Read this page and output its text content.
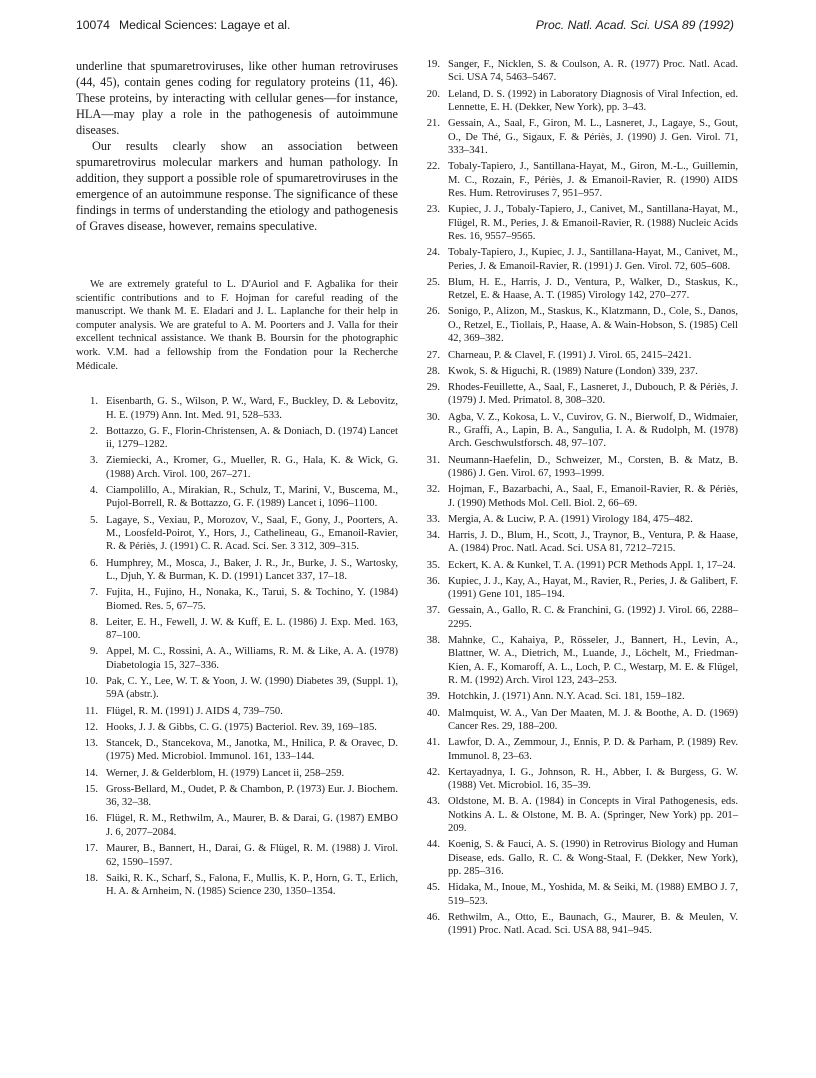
10074 Medical Sciences: Lagaye et al.	Proc. Natl. Acad. Sci. USA 89 (1992)

underline that spumaretroviruses, like other human retroviruses (44, 45), contain genes coding for regulatory proteins (11, 46). These proteins, by interacting with cellular genes—for instance, HLA—may play a role in the pathogenesis of autoimmune diseases.

Our results clearly show an association between spumaretrovirus molecular markers and human pathology. In addition, they support a possible role of spumaretroviruses in the emergence of an autoimmune response. The significance of these findings in terms of understanding the etiology and pathogenesis of Graves disease, however, remains speculative.

We are extremely grateful to L. D'Auriol and F. Agbalika for their scientific contributions and to F. Hojman for careful reading of the manuscript. We thank M. E. Eladari and J. L. Laplanche for their help in computer analysis. We are grateful to A. M. Poorters and J. Valla for their excellent technical assistance. We thank B. Boursin for the photographic work. V.M. had a fellowship from the Fondation pour la Recherche Médicale.

1. Eisenbarth, G. S., Wilson, P. W., Ward, F., Buckley, D. & Lebovitz, H. E. (1979) Ann. Int. Med. 91, 528–533.
2. Bottazzo, G. F., Florin-Christensen, A. & Doniach, D. (1974) Lancet ii, 1279–1282.
3. Ziemiecki, A., Kromer, G., Mueller, R. G., Hala, K. & Wick, G. (1988) Arch. Virol. 100, 267–271.
4. Ciampolillo, A., Mirakian, R., Schulz, T., Marini, V., Buscema, M., Pujol-Borrell, R. & Bottazzo, G. F. (1989) Lancet i, 1096–1100.
5. Lagaye, S., Vexiau, P., Morozov, V., Saal, F., Gony, J., Poorters, A. M., Loosfeld-Poirot, Y., Hors, J., Cathelineau, G., Emanoil-Ravier, R. & Périès, J. (1991) C. R. Acad. Sci. Ser. 3 312, 309–315.
6. Humphrey, M., Mosca, J., Baker, J. R., Jr., Burke, J. S., Wartosky, L., Djuh, Y. & Burman, K. D. (1991) Lancet 337, 17–18.
7. Fujita, H., Fujino, H., Nonaka, K., Tarui, S. & Tochino, Y. (1984) Biomed. Res. 5, 67–75.
8. Leiter, E. H., Fewell, J. W. & Kuff, E. L. (1986) J. Exp. Med. 163, 87–100.
9. Appel, M. C., Rossini, A. A., Williams, R. M. & Like, A. A. (1978) Diabetologia 15, 327–336.
10. Pak, C. Y., Lee, W. T. & Yoon, J. W. (1990) Diabetes 39, (Suppl. 1), 59A (abstr.).
11. Flügel, R. M. (1991) J. AIDS 4, 739–750.
12. Hooks, J. J. & Gibbs, C. G. (1975) Bacteriol. Rev. 39, 169–185.
13. Stancek, D., Stancekova, M., Janotka, M., Hnilica, P. & Oravec, D. (1975) Med. Microbiol. Immunol. 161, 133–144.
14. Werner, J. & Gelderblom, H. (1979) Lancet ii, 258–259.
15. Gross-Bellard, M., Oudet, P. & Chambon, P. (1973) Eur. J. Biochem. 36, 32–38.
16. Flügel, R. M., Rethwilm, A., Maurer, B. & Darai, G. (1987) EMBO J. 6, 2077–2084.
17. Maurer, B., Bannert, H., Darai, G. & Flügel, R. M. (1988) J. Virol. 62, 1590–1597.
18. Saiki, R. K., Scharf, S., Falona, F., Mullis, K. P., Horn, G. T., Erlich, H. A. & Arnheim, N. (1985) Science 230, 1350–1354.
19. Sanger, F., Nicklen, S. & Coulson, A. R. (1977) Proc. Natl. Acad. Sci. USA 74, 5463–5467.
20. Leland, D. S. (1992) in Laboratory Diagnosis of Viral Infection, ed. Lennette, E. H. (Dekker, New York), pp. 3–43.
21. Gessain, A., Saal, F., Giron, M. L., Lasneret, J., Lagaye, S., Gout, O., De Thé, G., Sigaux, F. & Périès, J. (1990) J. Gen. Virol. 71, 333–341.
22. Tobaly-Tapiero, J., Santillana-Hayat, M., Giron, M.-L., Guillemin, M. C., Rozain, F., Périès, J. & Emanoil-Ravier, R. (1990) AIDS Res. Hum. Retroviruses 7, 951–957.
23. Kupiec, J. J., Tobaly-Tapiero, J., Canivet, M., Santillana-Hayat, M., Flügel, R. M., Peries, J. & Emanoil-Ravier, R. (1988) Nucleic Acids Res. 16, 9557–9565.
24. Tobaly-Tapiero, J., Kupiec, J. J., Santillana-Hayat, M., Canivet, M., Peries, J. & Emanoil-Ravier, R. (1991) J. Gen. Virol. 72, 605–608.
25. Blum, H. E., Harris, J. D., Ventura, P., Walker, D., Staskus, K., Retzel, E. & Haase, A. T. (1985) Virology 142, 270–277.
26. Sonigo, P., Alizon, M., Staskus, K., Klatzmann, D., Cole, S., Danos, O., Retzel, E., Tiollais, P., Haase, A. & Wain-Hobson, S. (1985) Cell 42, 369–382.
27. Charneau, P. & Clavel, F. (1991) J. Virol. 65, 2415–2421.
28. Kwok, S. & Higuchi, R. (1989) Nature (London) 339, 237.
29. Rhodes-Feuillette, A., Saal, F., Lasneret, J., Dubouch, P. & Périès, J. (1979) J. Med. Primatol. 8, 308–320.
30. Agba, V. Z., Kokosa, L. V., Cuvirov, G. N., Bierwolf, D., Widmaier, R., Graffi, A., Lapin, B. A., Sangulia, I. A. & Rudolph, M. (1978) Arch. Geschwulstforsch. 48, 97–107.
31. Neumann-Haefelin, D., Schweizer, M., Corsten, B. & Matz, B. (1986) J. Gen. Virol. 67, 1993–1999.
32. Hojman, F., Bazarbachi, A., Saal, F., Emanoil-Ravier, R. & Périès, J. (1990) Methods Mol. Cell. Biol. 2, 66–69.
33. Mergia, A. & Luciw, P. A. (1991) Virology 184, 475–482.
34. Harris, J. D., Blum, H., Scott, J., Traynor, B., Ventura, P. & Haase, A. (1984) Proc. Natl. Acad. Sci. USA 81, 7212–7215.
35. Eckert, K. A. & Kunkel, T. A. (1991) PCR Methods Appl. 1, 17–24.
36. Kupiec, J. J., Kay, A., Hayat, M., Ravier, R., Peries, J. & Galibert, F. (1991) Gene 101, 185–194.
37. Gessain, A., Gallo, R. C. & Franchini, G. (1992) J. Virol. 66, 2288–2295.
38. Mahnke, C., Kahaiya, P., Rösseler, J., Bannert, H., Levin, A., Blattner, W. A., Dietrich, M., Luande, J., Löchelt, M., Friedman-Kien, A. F., Komaroff, A. L., Loch, P. C., Westarp, M. E. & Flügel, R. M. (1992) Arch. Virol 123, 243–253.
39. Hotchkin, J. (1971) Ann. N.Y. Acad. Sci. 181, 159–182.
40. Malmquist, W. A., Van Der Maaten, M. J. & Boothe, A. D. (1969) Cancer Res. 29, 188–200.
41. Lawfor, D. A., Zemmour, J., Ennis, P. D. & Parham, P. (1989) Rev. Immunol. 8, 23–63.
42. Kertayadnya, I. G., Johnson, R. H., Abber, I. & Burgess, G. W. (1988) Vet. Microbiol. 16, 35–39.
43. Oldstone, M. B. A. (1984) in Concepts in Viral Pathogenesis, eds. Notkins A. L. & Olstone, M. B. A. (Springer, New York) pp. 201–209.
44. Koenig, S. & Fauci, A. S. (1990) in Retrovirus Biology and Human Disease, eds. Gallo, R. C. & Wong-Staal, F. (Dekker, New York), pp. 285–316.
45. Hidaka, M., Inoue, M., Yoshida, M. & Seiki, M. (1988) EMBO J. 7, 519–523.
46. Rethwilm, A., Otto, E., Baunach, G., Maurer, B. & Meulen, V. (1991) Proc. Natl. Acad. Sci. USA 88, 941–945.
